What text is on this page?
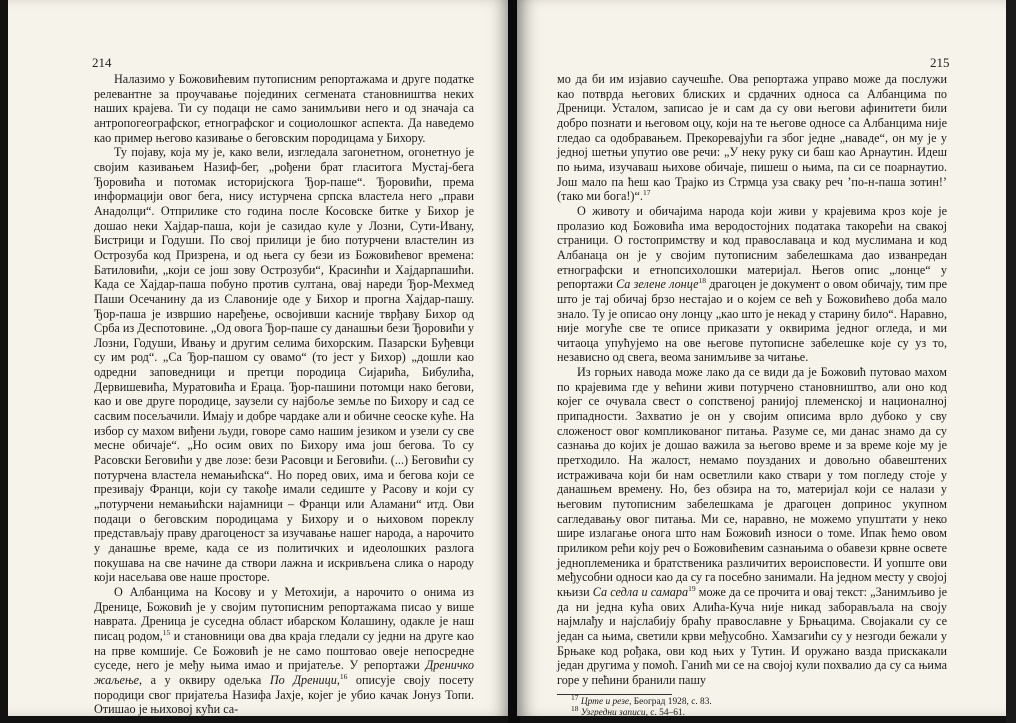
214

Налазимо у Божовићевим путописним репортажама и друге податке релевантне за проучавање појединих сегмената становништва неких наших крајева. Ти су подаци не само занимљиви него и од значаја са антропогеографског, етнографског и социолошког аспекта. Да наведемо као пример његово казивање о беговским породицама у Бихору.

Ту појаву, која му је, како вели, изгледала загонетном, огонетнуо је својим казивањем Назиф-бег, „рођени брат гласитога Мустај-бега Ђоровића и потомак историјскога Ђор-паше“. Ђоровићи, према информацији овог бега, нису истурчена српска властела него „прави Анадолци“. Отприлике сто година после Косовске битке у Бихор је дошао неки Хајдар-паша, који је сазидао куле у Лозни, Сути-Ивану, Бистрици и Годуши. По свој прилици је био потурчени властелин из Острозуба код Призрена, и од његa су бези из Божовићевог времена: Батиловићи, „који се још зову Острозуби“, Красинћи и Хајдарпашићи. Када се Хајдар-паша побуно против султана, овај нареди Ђор-Мехмед Паши Осечанину да из Славоније оде у Бихор и прогна Хајдар-пашу. Ђор-паша је извршио наређење, освојивши касније тврђаву Бихор од Срба из Деспотовине. „Од овога Ђор-паше су данашњи бези Ђоровићи у Лозни, Годуши, Ивању и другим селима бихорским. Пазарски Буђевци су им род“. „Са Ђор-пашом су овамо“ (то јест у Бихор) „дошли као одредни заповедници и претци породица Сијарића, Бибулића, Дервишевића, Муратовића и Ерацa. Ђор-пашини потомци нако бегови, као и ове друге породице, заузели су најбоље земље по Бихору и сад се сасвим посељачили. Имају и добре чардаке али и обичне сеоске куће. На избор су махом виђени људи, говоре само нашим језиком и узели су све месне обичаје“. „Но осим ових по Бихору има још бегова. То су Расовски Беговићи у две лозе: бези Расовци и Беговићи. (...) Беговићи су потурчена властела немањићска“. Но поред ових, има и бегова који се презивају Франци, који су такође имали седиште у Расову и који су „потурчени немањићски најамници – Франци или Аламани“ итд. Ови подаци о беговским породицама у Бихору и о њиховом пореклу представљају праву драгоценост за изучавање нашег народа, а нарочито у данашње време, када се из политичких и идеолошких разлога покушава на све начине да створи лажна и искривљена слика о народу који насељава ове наше просторе.

О Албанцима на Косову и у Метохији, а нарочито о онима из Дренице, Божовић је у својим путописним репортажама писао у више наврата. Дреница је суседна област ибарском Колашину, одакле је наш писац родом,$^{15}$ и становници ова два краја гледали су једни на друге као на прве комшије. Се Божовић је не само поштовао овеје непосредне суседе, него је међу њима имао и пријатеље. У репортажи Дреничко жаљење, а у оквиру одељка По Дреници,$^{16}$ описује своју посету породици свог пријатеља Назифа Јахје, којег је убио качак Јонуз Топи. Отишао је њиховој кући са-

215

мо да би им изјавио саучешће. Ова репортажа управо може да послужи као потврда његових блиских и срдачних односа са Албанцима по Дреници. Усталом, записао је и сам да су ови његови афинитети били добро познати и његовом оцу, који на те његове односе са Албанцима није гледао са одобравањем. Прекоревајући га због једне „наваде“, он му је у једној шетњи упутио ове речи: „У неку руку си баш као Арнаутин. Идеш по њима, изучаваш њихове обичаје, пишеш о њима, па си се поарнаутио. Још мало па ћеш као Трајко из Стрмца уза сваку реч ’по-н-паша зотин!’ (тако ми бога!)“.$^{17}$

О животу и обичајима народа који живи у крајевима кроз које је пролазио код Божовића има веродостојних података такорећи на свакој страници. О гостопримству и код православаца и код муслимана и код Албанаца он је у својим путописним забелешкама дао изванредан етнографски и етнопсихолошки материјал. Његов опис „лонце“ у репортажи Са зелене лонце$^{18}$ драгоцен је документ о овом обичају, тим пре што је тај обичај брзо нестајао и о којем се већ у Божовићево доба мало знало. Ту је описао ону лонцу „као што је некад у старину било“. Наравно, није могуће све те описе приказати у оквирима једног огледа, и ми читаоца упућујемо на ове његове путописне забелешке које су уз то, независно од свега, веома занимљиве за читање.

Из горњих навода може лако да се види да је Божовић путовао махом по крајевима где у већини живи потурчено становништво, али оно код којег се очувала свест о сопственој ранијој племенској и националној припадности. Захватио је он у својим описима врло дубоко у сву сложеност овог компликованог питања. Разуме се, ми данас знамо да су сазнања до којих је дошао важила за његово време и за време које му је претходило. На жалост, немамо поузданих и довољно обавештених истраживача који би нам осветлили како ствари у том погледу стоје у данашњем времену. Но, без обзира на то, материјал који се налази у његовим путописним забелешкама је драгоцен допринос укупном сагледавању овог питања. Ми се, наравно, не можемо упуштати у неко шире излагање онога што нам Божовић износи о томе. Ипак ћемо овом приликом рећи коју реч о Божовићевим сазнањима о обавези крвне освете једноплеменика и братственика различитих вероисповести. И уопште ови међусобни односи као да су га посебно занимали. На једном месту у својој књизи Са седла и самара$^{19}$ може да се прочита и овај текст: „Занимљиво је да ни једна кућа ових Алића-Куча није никад заборављала на своју најмлађу и најслабију браћу православне у Брњацима. Својакали су се један са њима, светили крви међусобно. Хамзагићи су у незгоди бежали у Брњаке код рођака, ови код њих у Тутин. И оружано вазда прискакали један другима у помоћ. Ганић ми се на својој кули похвалио да су са њима горе у пећини бранили пашу

$^{17}$ Црте и резе, Београд 1928, с. 83.

$^{18}$ Узгредни записи, с. 54–61.
